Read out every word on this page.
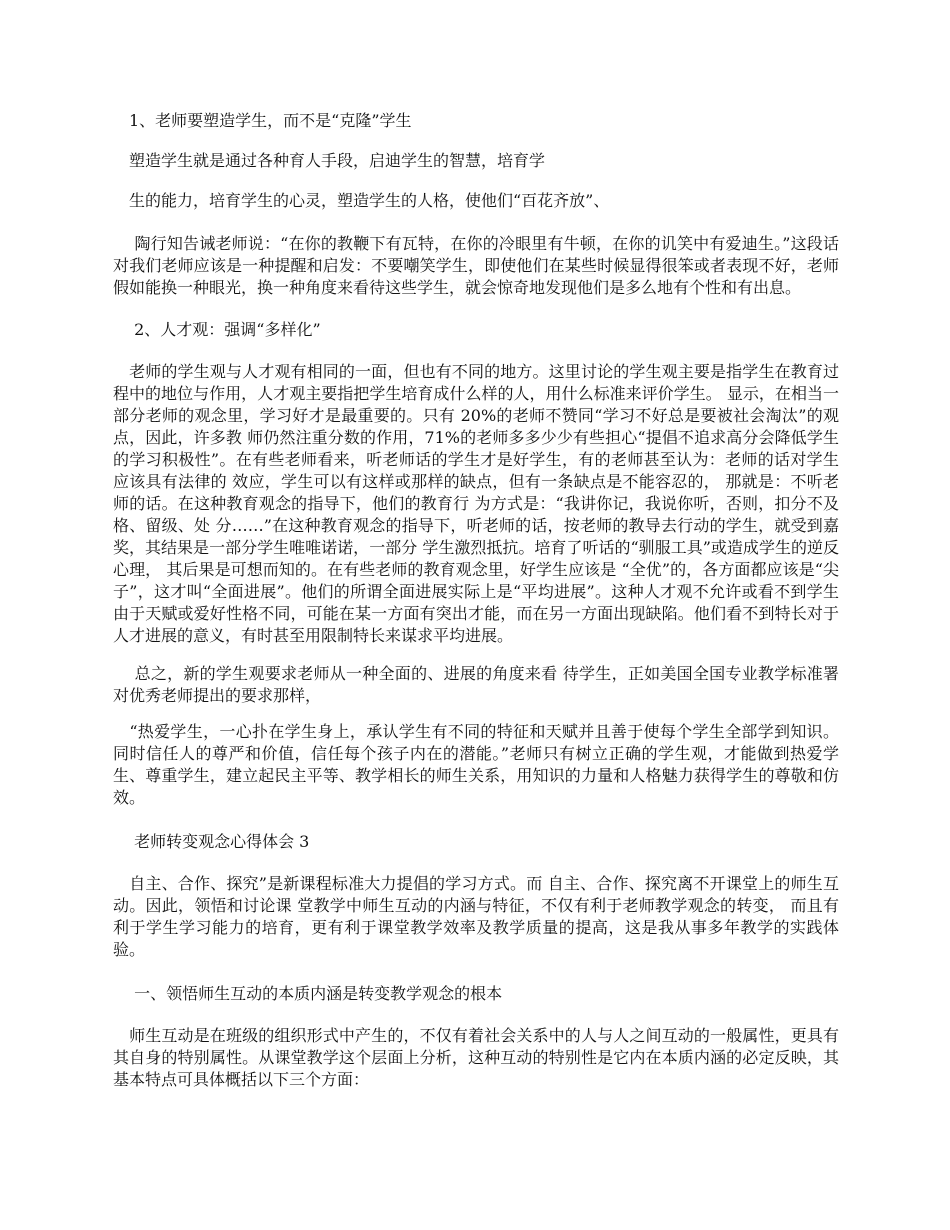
　1、老师要塑造学生，而不是“克隆”学生

　塑造学生就是通过各种育人手段，启迪学生的智慧，培育学

　生的能力，培育学生的心灵，塑造学生的人格，使他们“百花齐放”、

　 陶行知告诫老师说：“在你的教鞭下有瓦特，在你的冷眼里有牛顿，在你的讥笑中有爱迪生。”这段话对我们老师应该是一种提醒和启发：不要嘲笑学生，即使他们在某些时候显得很笨或者表现不好，老师假如能换一种眼光，换一种角度来看待这些学生，就会惊奇地发现他们是多么地有个性和有出息。

　 2、人才观：强调“多样化”

　老师的学生观与人才观有相同的一面，但也有不同的地方。这里讨论的学生观主要是指学生在教育过程中的地位与作用，人才观主要指把学生培育成什么样的人，用什么标准来评价学生。 显示，在相当一部分老师的观念里，学习好才是最重要的。只有 20%的老师不赞同“学习不好总是要被社会淘汰”的观点，因此，许多教 师仍然注重分数的作用，71%的老师多多少少有些担心“提倡不追求高分会降低学生的学习积极性”。在有些老师看来，听老师话的学生才是好学生，有的老师甚至认为：老师的话对学生应该具有法律的 效应，学生可以有这样或那样的缺点，但有一条缺点是不能容忍的， 那就是：不听老师的话。在这种教育观念的指导下，他们的教育行 为方式是：“我讲你记，我说你听，否则，扣分不及格、留级、处 分……”在这种教育观念的指导下，听老师的话，按老师的教导去行动的学生，就受到嘉奖，其结果是一部分学生唯唯诺诺，一部分 学生激烈抵抗。培育了听话的“驯服工具”或造成学生的逆反心理， 其后果是可想而知的。在有些老师的教育观念里，好学生应该是 “全优”的，各方面都应该是“尖子”，这才叫“全面进展”。他们的所谓全面进展实际上是“平均进展”。这种人才观不允许或看不到学生由于天赋或爱好性格不同，可能在某一方面有突出才能，而在另一方面出现缺陷。他们看不到特长对于人才进展的意义，有时甚至用限制特长来谋求平均进展。

　 总之，新的学生观要求老师从一种全面的、进展的角度来看 待学生，正如美国全国专业教学标准署对优秀老师提出的要求那样，

　“热爱学生，一心扑在学生身上，承认学生有不同的特征和天赋并且善于使每个学生全部学到知识。同时信任人的尊严和价值，信任每个孩子内在的潜能。”老师只有树立正确的学生观，才能做到热爱学生、尊重学生，建立起民主平等、教学相长的师生关系，用知识的力量和人格魅力获得学生的尊敬和仿效。

　 老师转变观念心得体会 3

　自主、合作、探究”是新课程标准大力提倡的学习方式。而 自主、合作、探究离不开课堂上的师生互动。因此，领悟和讨论课 堂教学中师生互动的内涵与特征，不仅有利于老师教学观念的转变， 而且有利于学生学习能力的培育，更有利于课堂教学效率及教学质量的提高，这是我从事多年教学的实践体验。

　 一、领悟师生互动的本质内涵是转变教学观念的根本

　师生互动是在班级的组织形式中产生的，不仅有着社会关系中的人与人之间互动的一般属性，更具有其自身的特别属性。从课堂教学这个层面上分析，这种互动的特别性是它内在本质内涵的必定反映，其基本特点可具体概括以下三个方面：
